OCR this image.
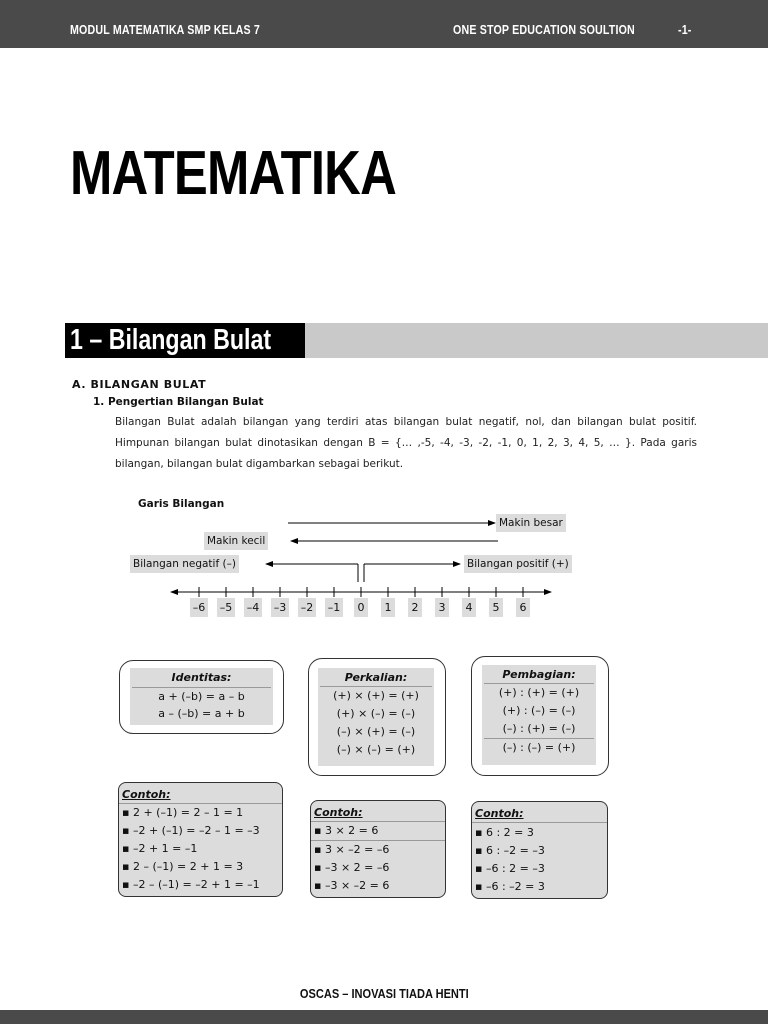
MODUL MATEMATIKA SMP KELAS 7	ONE STOP EDUCATION SOULTION	-1-
MATEMATIKA
1 – Bilangan Bulat
A. BILANGAN BULAT
1. Pengertian Bilangan Bulat
Bilangan Bulat adalah bilangan yang terdiri atas bilangan bulat negatif, nol, dan bilangan bulat positif. Himpunan bilangan bulat dinotasikan dengan B = {… ,-5, -4, -3, -2, -1, 0, 1, 2, 3, 4, 5, … }. Pada garis bilangan, bilangan bulat digambarkan sebagai berikut.
Garis Bilangan
Makin besar
Makin kecil
Bilangan negatif (–)	Bilangan positif (+)
–6 –5 –4 –3 –2 –1	0	1	2	3	4	5	6
Identitas:
a + (–b) = a – b
a – (–b) = a + b
Perkalian:
(+) × (+) = (+)
(+) × (–) = (–)
(–) × (+) = (–)
(–) × (–) = (+)
Pembagian:
(+) : (+) = (+)
(+) : (–) = (–)
(–) : (+) = (–)
(–) : (–) = (+)
Contoh:
▪ 2 + (–1) = 2 – 1 = 1
▪ –2 + (–1) = –2 – 1 = –3
▪ –2 + 1 = –1
▪ 2 – (–1) = 2 + 1 = 3
▪ –2 – (–1) = –2 + 1 = –1
Contoh:
▪ 3 × 2 = 6
▪ 3 × –2 = –6
▪ –3 × 2 = –6
▪ –3 × –2 = 6
Contoh:
▪ 6 : 2 = 3
▪ 6 : –2 = –3
▪ –6 : 2 = –3
▪ –6 : –2 = 3
OSCAS – INOVASI TIADA HENTI
